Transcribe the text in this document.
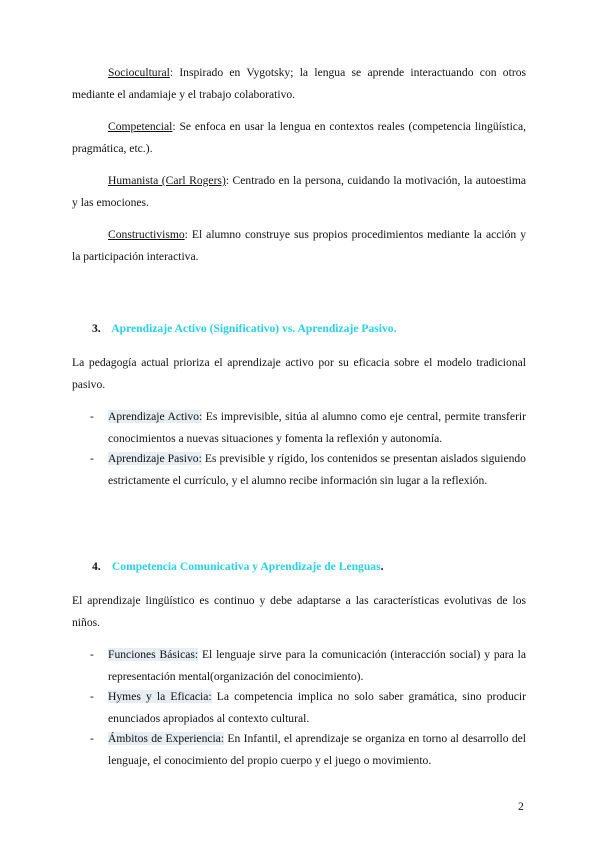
Sociocultural: Inspirado en Vygotsky; la lengua se aprende interactuando con otros mediante el andamiaje y el trabajo colaborativo.

Competencial: Se enfoca en usar la lengua en contextos reales (competencia lingüística, pragmática, etc.).

Humanista (Carl Rogers): Centrado en la persona, cuidando la motivación, la autoestima y las emociones.

Constructivismo: El alumno construye sus propios procedimientos mediante la acción y la participación interactiva.

3. Aprendizaje Activo (Significativo) vs. Aprendizaje Pasivo.

La pedagogía actual prioriza el aprendizaje activo por su eficacia sobre el modelo tradicional pasivo.

- Aprendizaje Activo: Es imprevisible, sitúa al alumno como eje central, permite transferir conocimientos a nuevas situaciones y fomenta la reflexión y autonomía.
- Aprendizaje Pasivo: Es previsible y rígido, los contenidos se presentan aislados siguiendo estrictamente el currículo, y el alumno recibe información sin lugar a la reflexión.
4. Competencia Comunicativa y Aprendizaje de Lenguas.

El aprendizaje lingüístico es continuo y debe adaptarse a las características evolutivas de los niños.

- Funciones Básicas: El lenguaje sirve para la comunicación (interacción social) y para la representación mental(organización del conocimiento).
- Hymes y la Eficacia: La competencia implica no solo saber gramática, sino producir enunciados apropiados al contexto cultural.
- Ámbitos de Experiencia: En Infantil, el aprendizaje se organiza en torno al desarrollo del lenguaje, el conocimiento del propio cuerpo y el juego o movimiento.
2
